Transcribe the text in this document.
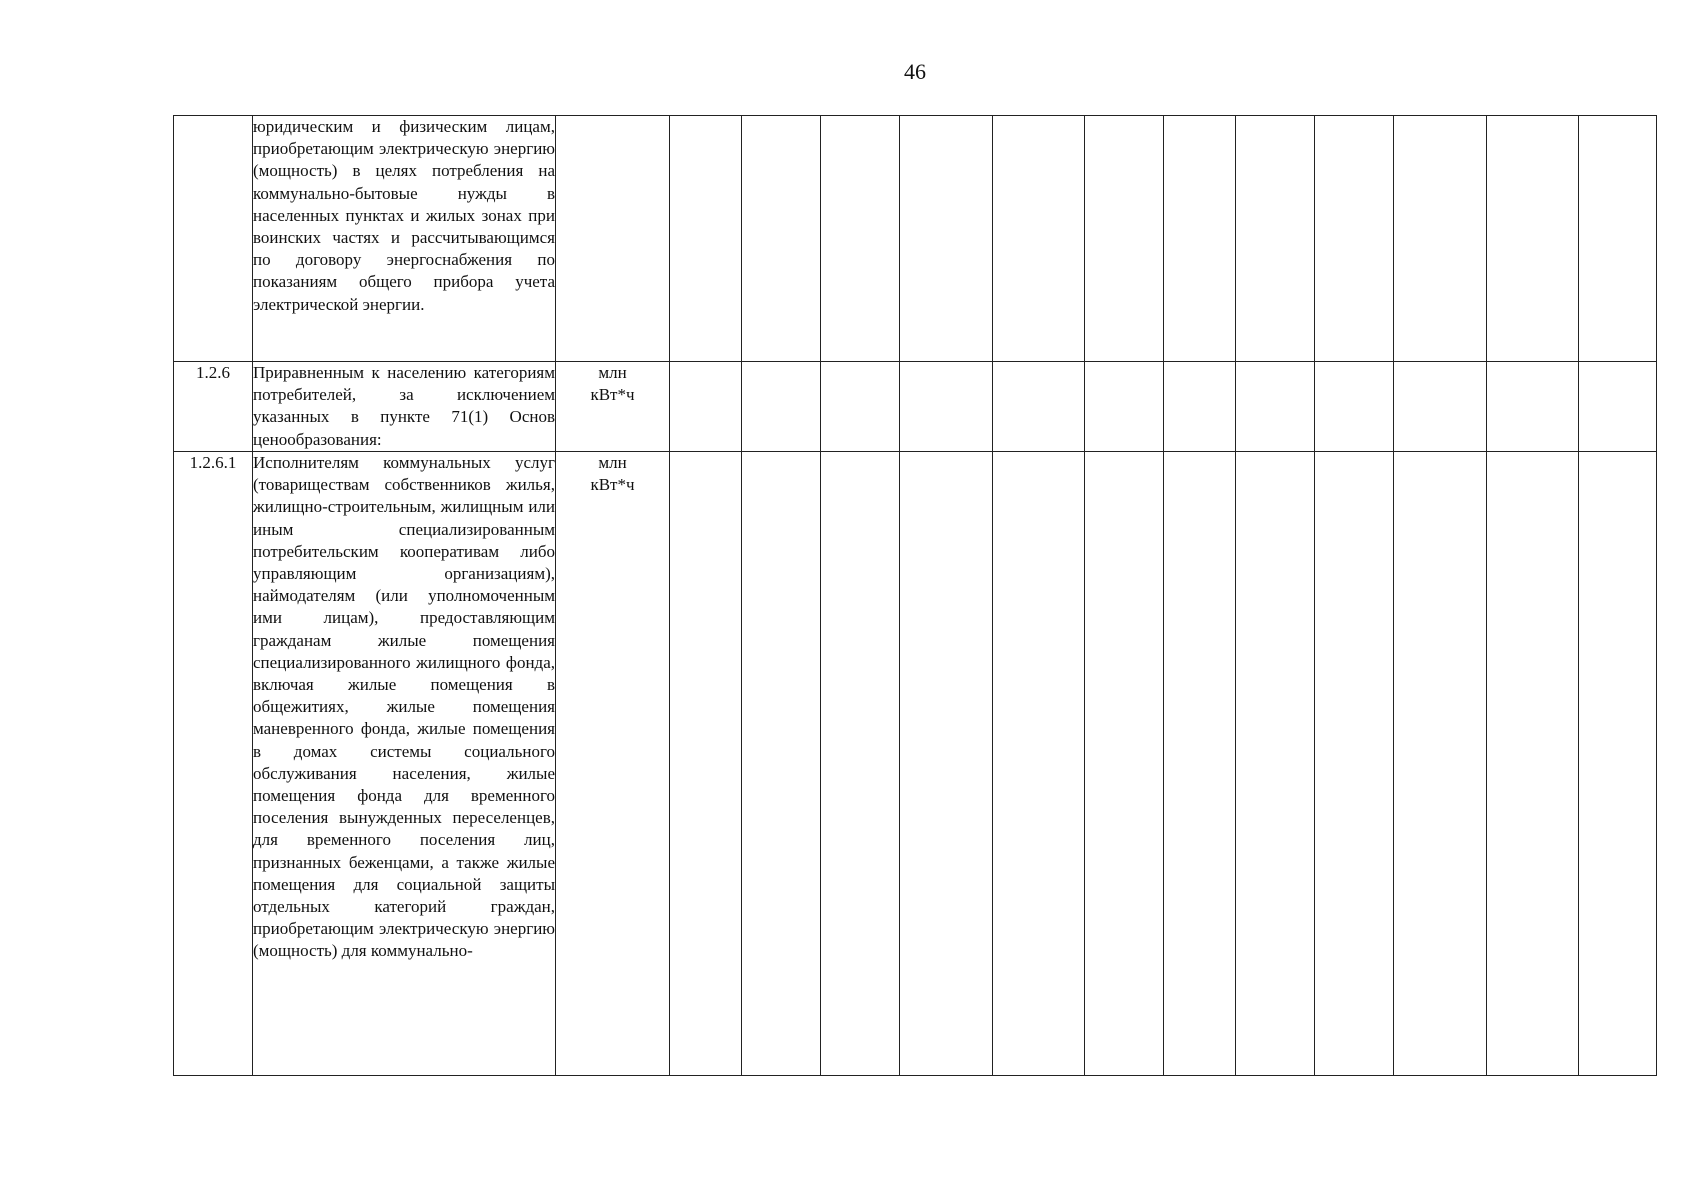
46
	юридическим и физическим лицам, приобретающим электрическую энергию (мощность) в целях потребления на коммунально-бытовые нужды в населенных пунктах и жилых зонах при воинских частях и рассчитывающимся по договору энергоснабжения по показаниям общего прибора учета электрической энергии.	

1.2.6	Приравненным к населению категориям потребителей, за исключением указанных в пункте 71(1) Основ ценообразования:	млн
кВт*ч												

1.2.6.1	Исполнителям коммунальных услуг (товариществам собственников жилья, жилищно-строительным, жилищным или иным специализированным потребительским кооперативам либо управляющим организациям), наймодателям (или уполномоченным ими лицам), предоставляющим гражданам жилые помещения специализированного жилищного фонда, включая жилые помещения в общежитиях, жилые помещения маневренного фонда, жилые помещения в домах системы социального обслуживания населения, жилые помещения фонда для временного поселения вынужденных переселенцев, для временного поселения лиц, признанных беженцами, а также жилые помещения для социальной защиты отдельных категорий граждан, приобретающим электрическую энергию (мощность) для коммунально-	млн
кВт*ч												
